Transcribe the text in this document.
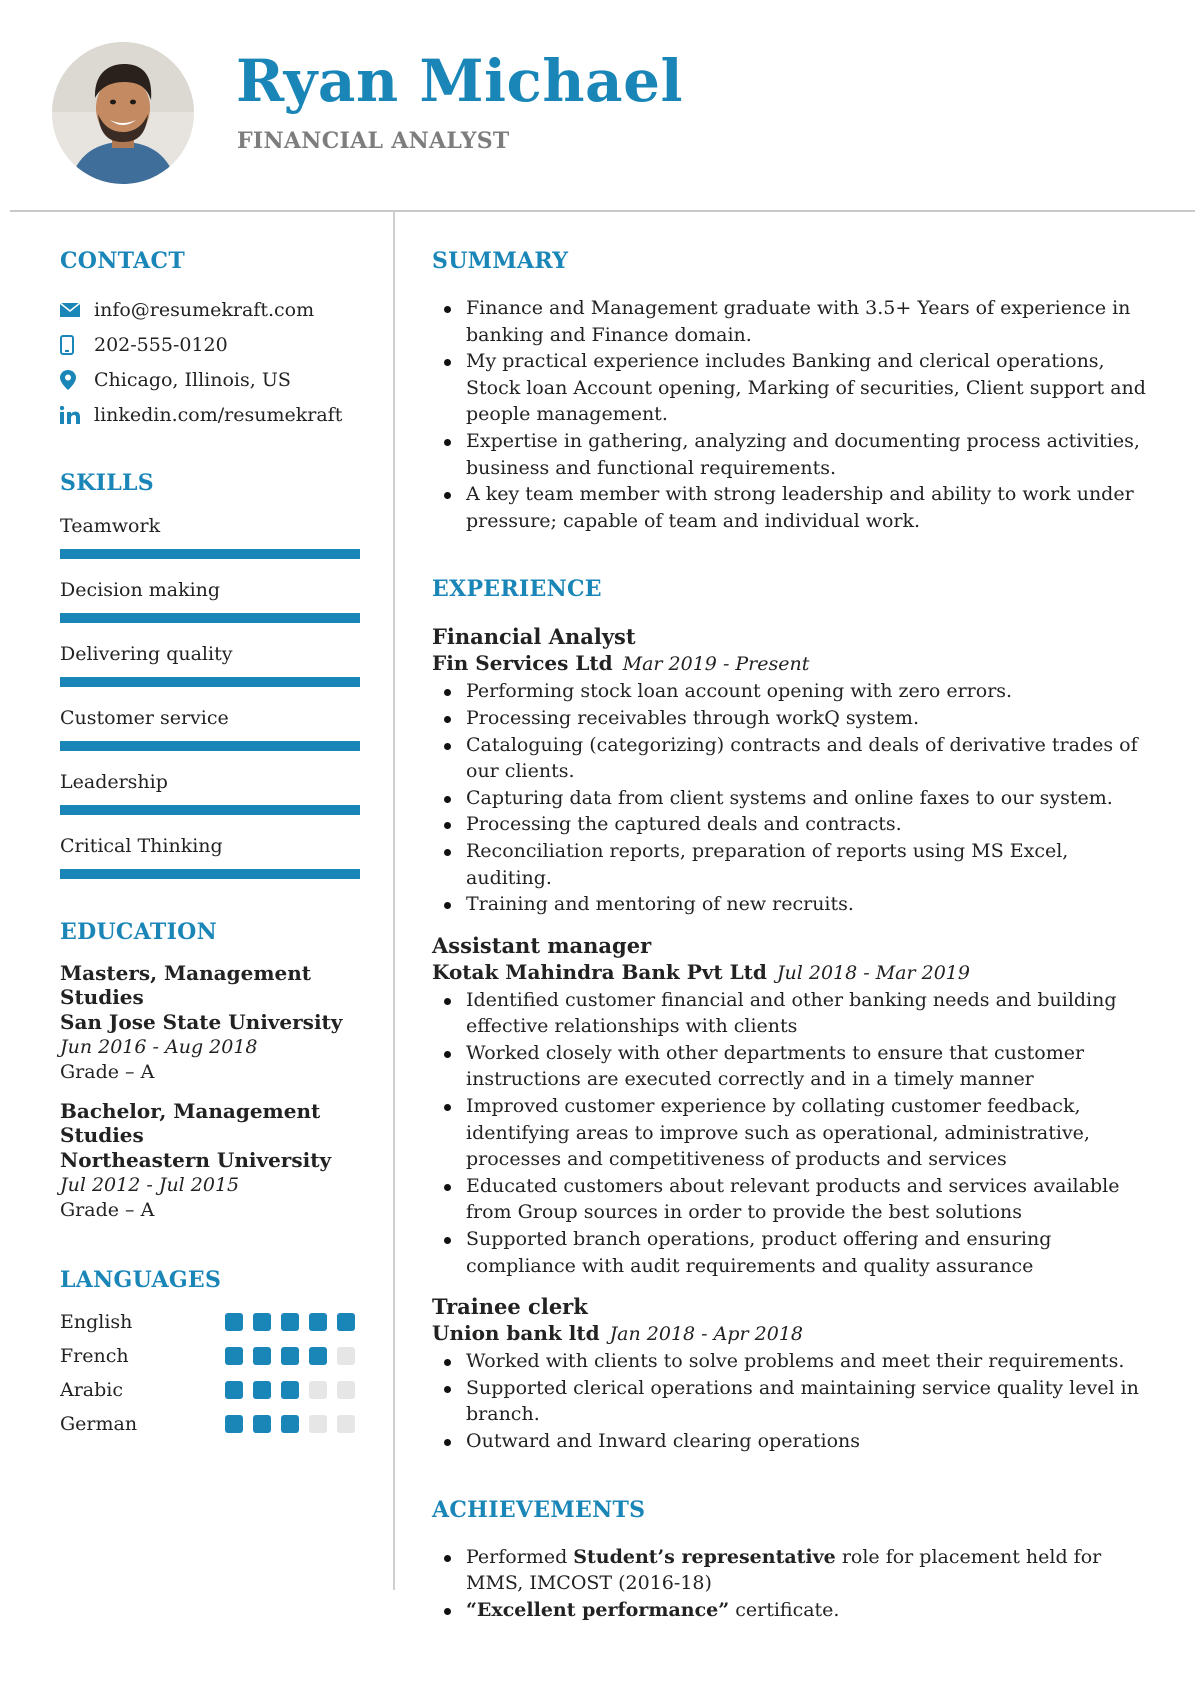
Ryan Michael
FINANCIAL ANALYST
CONTACT
info@resumekraft.com
202-555-0120
Chicago, Illinois, US
linkedin.com/resumekraft
SKILLS
Teamwork
Decision making
Delivering quality
Customer service
Leadership
Critical Thinking
EDUCATION
Masters, Management Studies
San Jose State University
Jun 2016 - Aug 2018
Grade – A
Bachelor, Management Studies
Northeastern University
Jul 2012 - Jul 2015
Grade – A
LANGUAGES
English
French
Arabic
German
SUMMARY
Finance and Management graduate with 3.5+ Years of experience in banking and Finance domain.
My practical experience includes Banking and clerical operations, Stock loan Account opening, Marking of securities, Client support and people management.
Expertise in gathering, analyzing and documenting process activities, business and functional requirements.
A key team member with strong leadership and ability to work under pressure; capable of team and individual work.
EXPERIENCE
Financial Analyst
Fin Services Ltd Mar 2019 - Present
Performing stock loan account opening with zero errors.
Processing receivables through workQ system.
Cataloguing (categorizing) contracts and deals of derivative trades of our clients.
Capturing data from client systems and online faxes to our system.
Processing the captured deals and contracts.
Reconciliation reports, preparation of reports using MS Excel, auditing.
Training and mentoring of new recruits.
Assistant manager
Kotak Mahindra Bank Pvt Ltd Jul 2018 - Mar 2019
Identified customer financial and other banking needs and building effective relationships with clients
Worked closely with other departments to ensure that customer instructions are executed correctly and in a timely manner
Improved customer experience by collating customer feedback, identifying areas to improve such as operational, administrative, processes and competitiveness of products and services
Educated customers about relevant products and services available from Group sources in order to provide the best solutions
Supported branch operations, product offering and ensuring compliance with audit requirements and quality assurance
Trainee clerk
Union bank ltd Jan 2018 - Apr 2018
Worked with clients to solve problems and meet their requirements.
Supported clerical operations and maintaining service quality level in branch.
Outward and Inward clearing operations
ACHIEVEMENTS
Performed Student’s representative role for placement held for MMS, IMCOST (2016-18)
“Excellent performance” certificate.
